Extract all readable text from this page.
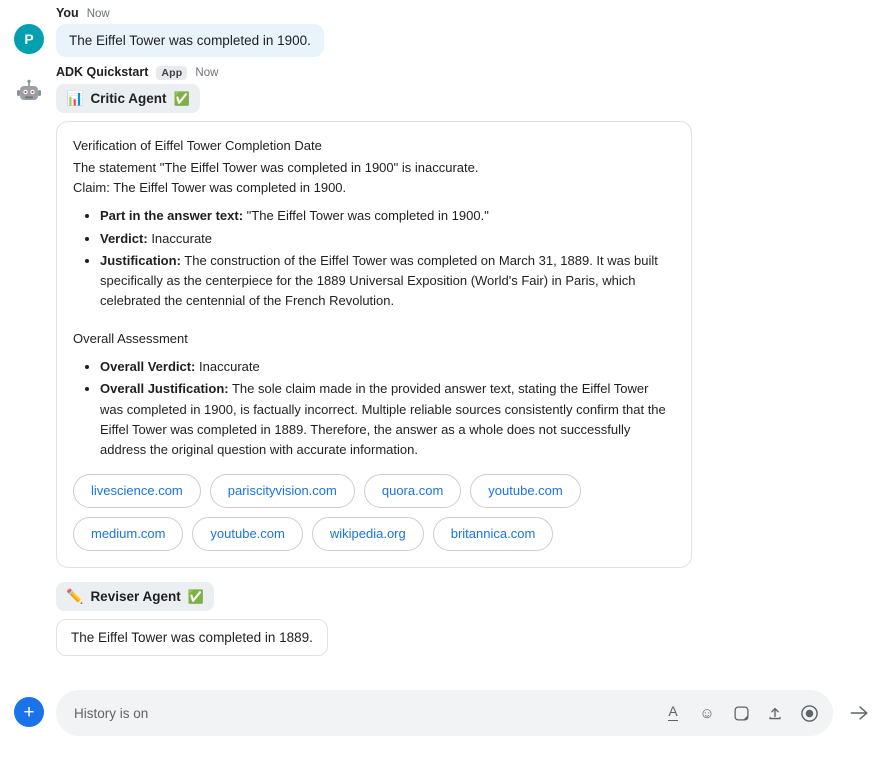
P
You Now
The Eiffel Tower was completed in 1900.
ADK Quickstart	App	Now
📊 Critic Agent ✅

Verification of Eiffel Tower Completion Date

The statement "The Eiffel Tower was completed in 1900" is inaccurate.

Claim: The Eiffel Tower was completed in 1900.

• Part in the answer text: "The Eiffel Tower was completed in 1900."
• Verdict: Inaccurate
• Justification: The construction of the Eiffel Tower was completed on March 31, 1889. It was built specifically as the centerpiece for the 1889 Universal Exposition (World's Fair) in Paris, which celebrated the centennial of the French Revolution.

Overall Assessment

• Overall Verdict: Inaccurate
• Overall Justification: The sole claim made in the provided answer text, stating the Eiffel Tower was completed in 1900, is factually incorrect. Multiple reliable sources consistently confirm that the Eiffel Tower was completed in 1889. Therefore, the answer as a whole does not successfully address the original question with accurate information.
livescience.com	pariscityvision.com	quora.com	youtube.com
medium.com	youtube.com	wikipedia.org	britannica.com
✏️ Reviser Agent ✅
The Eiffel Tower was completed in 1889.
+	History is on	A ☺
